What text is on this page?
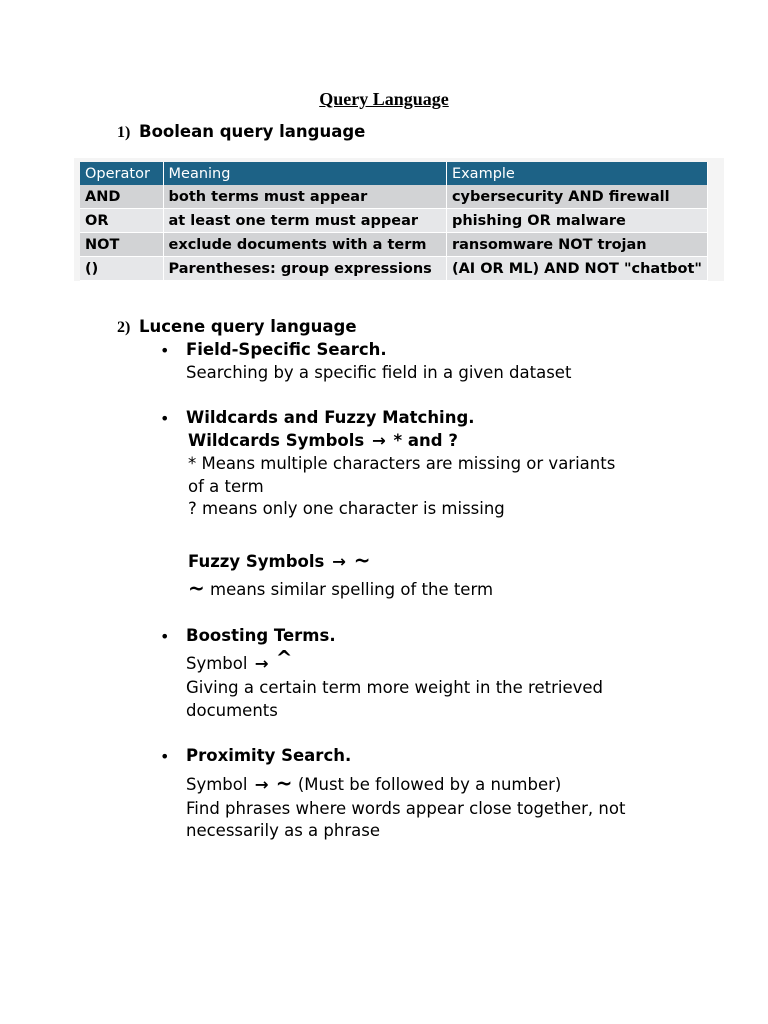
Query Language
1) Boolean query language
Operator	Meaning	Example
AND	both terms must appear	cybersecurity AND firewall
OR	at least one term must appear	phishing OR malware
NOT	exclude documents with a term	ransomware NOT trojan
()	Parentheses: group expressions	(AI OR ML) AND NOT "chatbot"
2) Lucene query language
• Field-Specific Search.
Searching by a specific field in a given dataset
• Wildcards and Fuzzy Matching.
Wildcards Symbols → * and ?
* Means multiple characters are missing or variants
of a term
? means only one character is missing
Fuzzy Symbols → ~
~ means similar spelling of the term
• Boosting Terms.
Symbol → ^
Giving a certain term more weight in the retrieved
documents
• Proximity Search.
Symbol → ~ (Must be followed by a number)
Find phrases where words appear close together, not
necessarily as a phrase
